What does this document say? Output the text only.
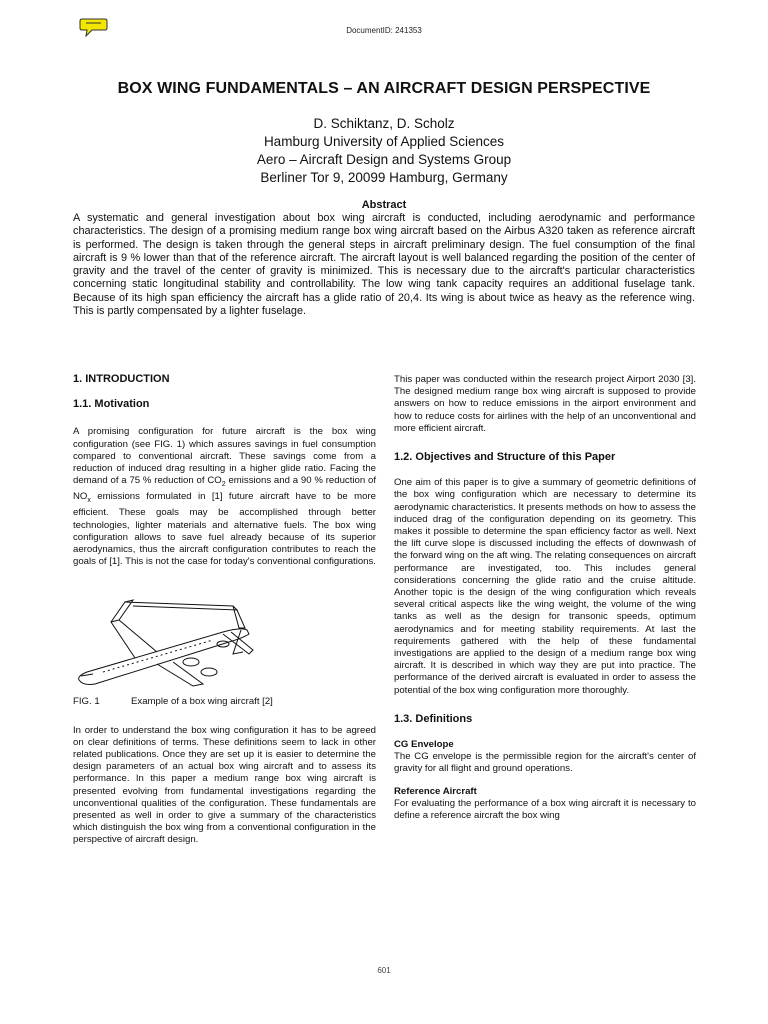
DocumentID: 241353
BOX WING FUNDAMENTALS – AN AIRCRAFT DESIGN PERSPECTIVE
D. Schiktanz, D. Scholz
Hamburg University of Applied Sciences
Aero – Aircraft Design and Systems Group
Berliner Tor 9, 20099 Hamburg, Germany
Abstract
A systematic and general investigation about box wing aircraft is conducted, including aerodynamic and performance characteristics. The design of a promising medium range box wing aircraft based on the Airbus A320 taken as reference aircraft is performed. The design is taken through the general steps in aircraft preliminary design. The fuel consumption of the final aircraft is 9 % lower than that of the reference aircraft. The aircraft layout is well balanced regarding the position of the center of gravity and the travel of the center of gravity is minimized. This is necessary due to the aircraft's particular characteristics concerning static longitudinal stability and controllability. The low wing tank capacity requires an additional fuselage tank. Because of its high span efficiency the aircraft has a glide ratio of 20,4. Its wing is about twice as heavy as the reference wing. This is partly compensated by a lighter fuselage.
1. INTRODUCTION
1.1. Motivation
A promising configuration for future aircraft is the box wing configuration (see FIG. 1) which assures savings in fuel consumption compared to conventional aircraft. These savings come from a reduction of induced drag resulting in a higher glide ratio. Facing the demand of a 75 % reduction of $CO_2$ emissions and a 90 % reduction of $NO_x$ emissions formulated in [1] future aircraft have to be more efficient. These goals may be accomplished through better technologies, lighter materials and alternative fuels. The box wing configuration allows to save fuel already because of its superior aerodynamics, thus the aircraft configuration contributes to reach the goals of [1]. This is not the case for today's conventional configurations.
FIG. 1	Example of a box wing aircraft [2]
In order to understand the box wing configuration it has to be agreed on clear definitions of terms. These definitions seem to lack in other related publications. Once they are set up it is easier to determine the design parameters of an actual box wing aircraft and to assess its performance. In this paper a medium range box wing aircraft is presented evolving from fundamental investigations regarding the unconventional qualities of the configuration. These fundamentals are presented as well in order to give a summary of the characteristics which distinguish the box wing from a conventional configuration in the perspective of aircraft design.
This paper was conducted within the research project Airport 2030 [3]. The designed medium range box wing aircraft is supposed to provide answers on how to reduce emissions in the airport environment and how to reduce costs for airlines with the help of an unconventional and more efficient aircraft.
1.2. Objectives and Structure of this Paper
One aim of this paper is to give a summary of geometric definitions of the box wing configuration which are necessary to determine its aerodynamic characteristics. It presents methods on how to assess the induced drag of the configuration depending on its geometry. This makes it possible to determine the span efficiency factor as well. Next the lift curve slope is discussed including the effects of downwash of the forward wing on the aft wing. The relating consequences on aircraft performance are investigated, too. This includes general considerations concerning the glide ratio and the cruise altitude. Another topic is the design of the wing configuration which reveals several critical aspects like the wing weight, the volume of the wing tanks as well as the design for transonic speeds, optimum aerodynamics and for meeting stability requirements. At last the requirements gathered with the help of these fundamental investigations are applied to the design of a medium range box wing aircraft. It is described in which way they are put into practice. The performance of the derived aircraft is evaluated in order to assess the potential of the box wing configuration more thoroughly.
1.3. Definitions
CG Envelope
The CG envelope is the permissible region for the aircraft's center of gravity for all flight and ground operations.
Reference Aircraft
For evaluating the performance of a box wing aircraft it is necessary to define a reference aircraft the box wing
601
